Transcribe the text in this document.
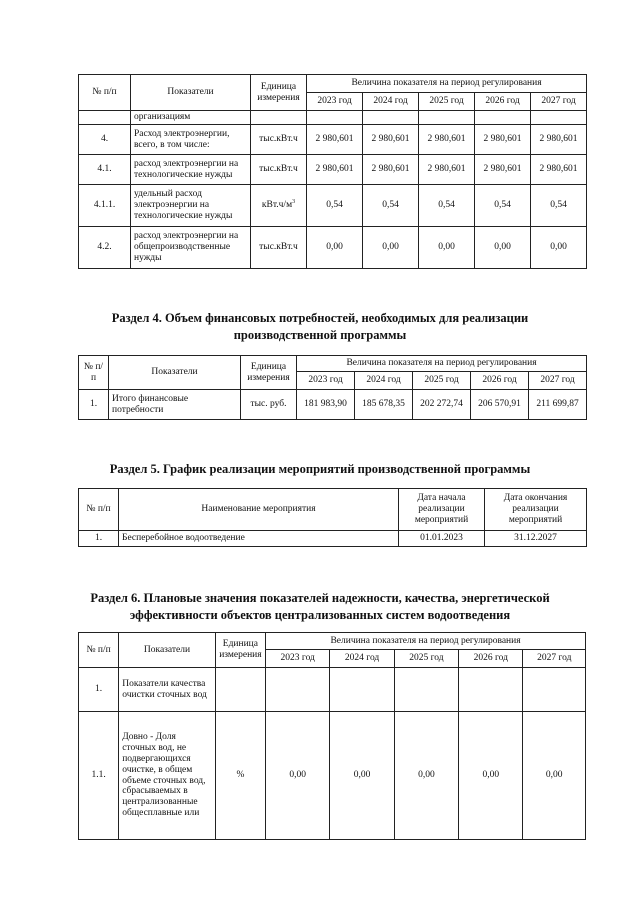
№ п/п	Показатели	Единица измерения	Величина показателя на период регулирования				
			2023 год	2024 год	2025 год	2026 год	2027 год
	организациям						
4.	Расход электроэнергии, всего, в том числе:	тыс.кВт.ч	2 980,601	2 980,601	2 980,601	2 980,601	2 980,601
4.1.	расход электроэнергии на технологические нужды	тыс.кВт.ч	2 980,601	2 980,601	2 980,601	2 980,601	2 980,601
4.1.1.	удельный расход электроэнергии на технологические нужды	$кВт.ч/м^3$	0,54	0,54	0,54	0,54	0,54
4.2.	расход электроэнергии на общепроизводственные нужды	тыс.кВт.ч	0,00	0,00	0,00	0,00	0,00
Раздел 4. Объем финансовых потребностей, необходимых для реализации
производственной программы
№ п/п	Показатели	Единица измерения	Величина показателя на период регулирования				
			2023 год	2024 год	2025 год	2026 год	2027 год
1.	Итого финансовые потребности	тыс. руб.	181 983,90	185 678,35	202 272,74	206 570,91	211 699,87
Раздел 5. График реализации мероприятий производственной программы
№ п/п	Наименование мероприятия	Дата начала реализации мероприятий	Дата окончания реализации мероприятий
1.	Бесперебойное водоотведение	01.01.2023	31.12.2027
Раздел 6. Плановые значения показателей надежности, качества, энергетической
эффективности объектов централизованных систем водоотведения
№ п/п	Показатели	Единица измерения	Величина показателя на период регулирования				
			2023 год	2024 год	2025 год	2026 год	2027 год
1.	Показатели качества очистки сточных вод						
1.1.	Довно - Доля сточных вод, не подвергающихся очистке, в общем объеме сточных вод, сбрасываемых в централизованные общесплавные или	%	0,00	0,00	0,00	0,00	0,00
